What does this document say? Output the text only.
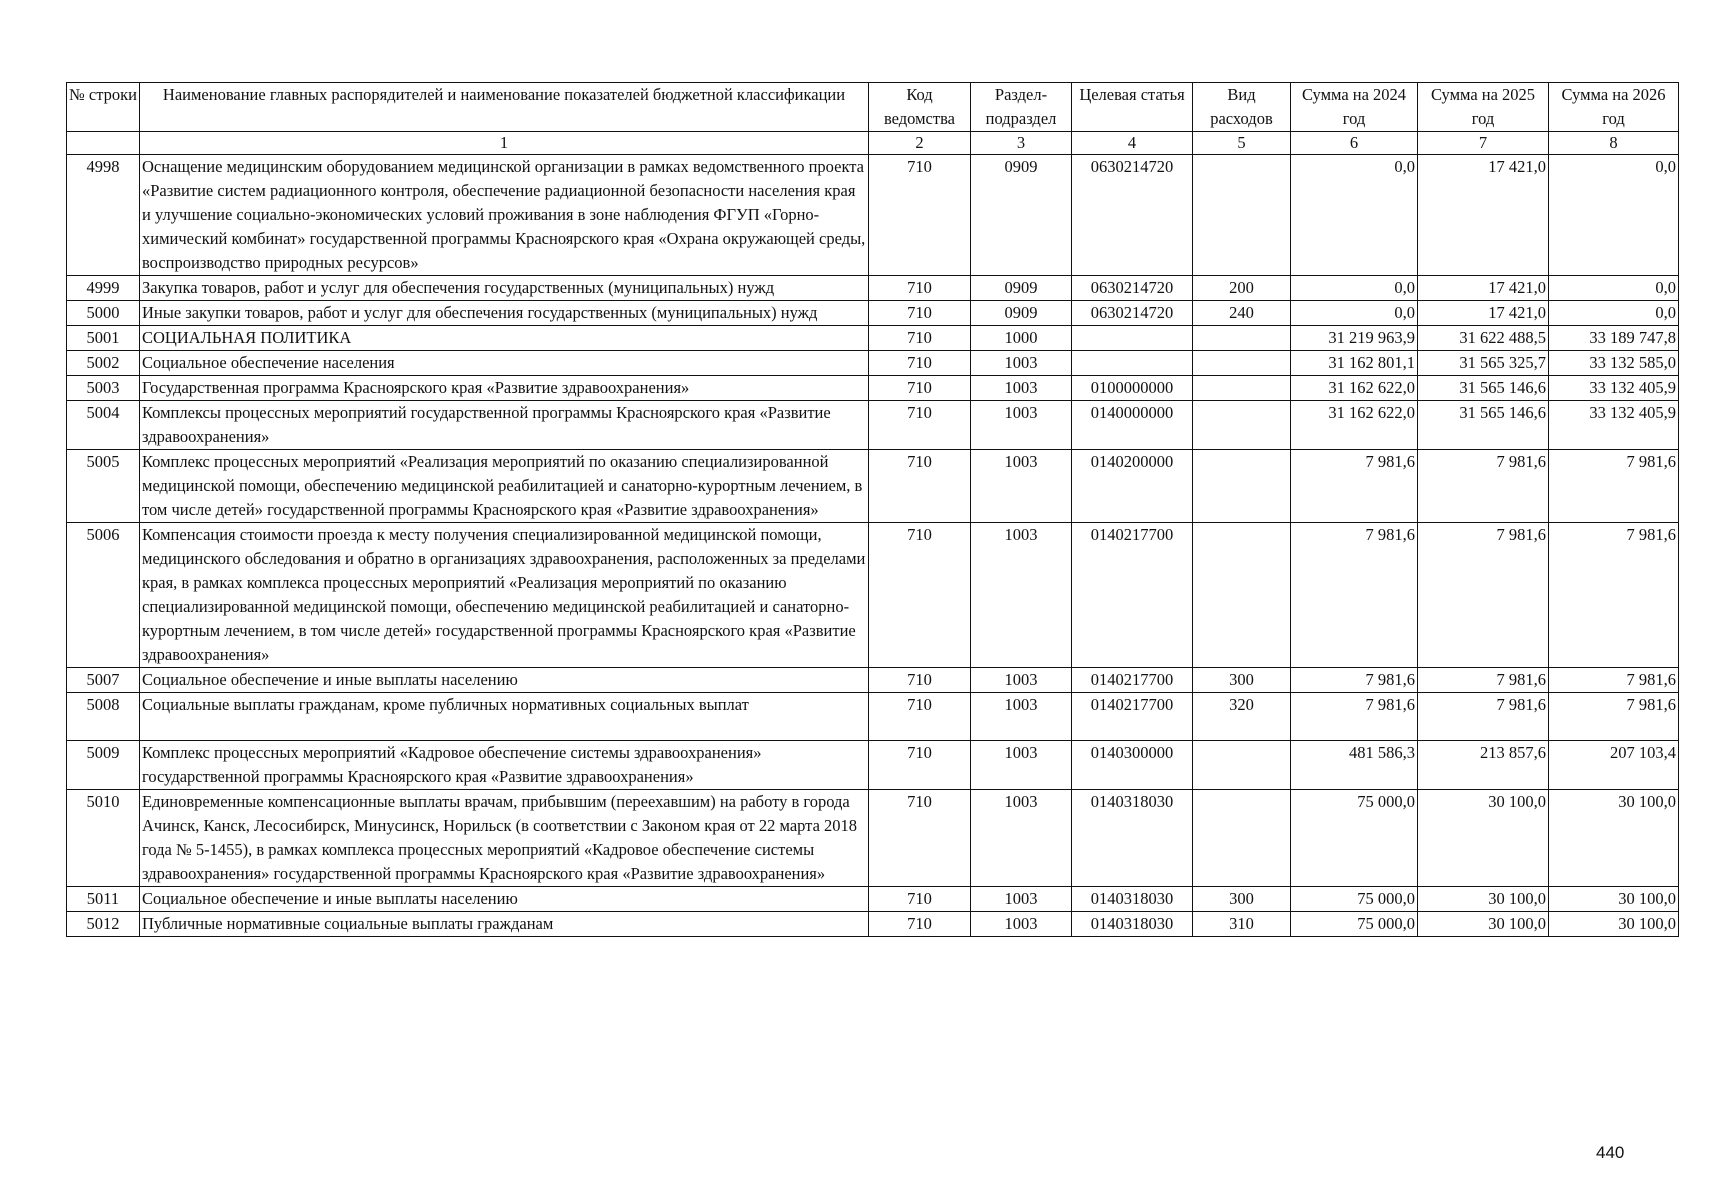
№ строки	Наименование главных распорядителей и наименование показателей бюджетной классификации	Код ведомства	Раздел-подраздел	Целевая статья	Вид расходов	Сумма на 2024 год	Сумма на 2025 год	Сумма на 2026 год
	1	2	3	4	5	6	7	8
4998	Оснащение медицинским оборудованием медицинской организации в рамках ведомственного проекта «Развитие систем радиационного контроля, обеспечение радиационной безопасности населения края и улучшение социально-экономических условий проживания в зоне наблюдения ФГУП «Горно-химический комбинат» государственной программы Красноярского края «Охрана окружающей среды, воспроизводство природных ресурсов»	710	0909	0630214720		0,0	17 421,0	0,0
4999	Закупка товаров, работ и услуг для обеспечения государственных (муниципальных) нужд	710	0909	0630214720	200	0,0	17 421,0	0,0
5000	Иные закупки товаров, работ и услуг для обеспечения государственных (муниципальных) нужд	710	0909	0630214720	240	0,0	17 421,0	0,0
5001	СОЦИАЛЬНАЯ ПОЛИТИКА	710	1000			31 219 963,9	31 622 488,5	33 189 747,8
5002	Социальное обеспечение населения	710	1003			31 162 801,1	31 565 325,7	33 132 585,0
5003	Государственная программа Красноярского края «Развитие здравоохранения»	710	1003	0100000000		31 162 622,0	31 565 146,6	33 132 405,9
5004	Комплексы процессных мероприятий государственной программы Красноярского края «Развитие здравоохранения»	710	1003	0140000000		31 162 622,0	31 565 146,6	33 132 405,9
5005	Комплекс процессных мероприятий «Реализация мероприятий по оказанию специализированной медицинской помощи, обеспечению медицинской реабилитацией и санаторно-курортным лечением, в том числе детей» государственной программы Красноярского края «Развитие здравоохранения»	710	1003	0140200000		7 981,6	7 981,6	7 981,6
5006	Компенсация стоимости проезда к месту получения специализированной медицинской помощи, медицинского обследования и обратно в организациях здравоохранения, расположенных за пределами края, в рамках комплекса процессных мероприятий «Реализация мероприятий по оказанию специализированной медицинской помощи, обеспечению медицинской реабилитацией и санаторно-курортным лечением, в том числе детей» государственной программы Красноярского края «Развитие здравоохранения»	710	1003	0140217700		7 981,6	7 981,6	7 981,6
5007	Социальное обеспечение и иные выплаты населению	710	1003	0140217700	300	7 981,6	7 981,6	7 981,6
5008	Социальные выплаты гражданам, кроме публичных нормативных социальных выплат	710	1003	0140217700	320	7 981,6	7 981,6	7 981,6
5009	Комплекс процессных мероприятий «Кадровое обеспечение системы здравоохранения» государственной программы Красноярского края «Развитие здравоохранения»	710	1003	0140300000		481 586,3	213 857,6	207 103,4
5010	Единовременные компенсационные выплаты врачам, прибывшим (переехавшим) на работу в города Ачинск, Канск, Лесосибирск, Минусинск, Норильск (в соответствии с Законом края от 22 марта 2018 года № 5-1455), в рамках комплекса процессных мероприятий «Кадровое обеспечение системы здравоохранения» государственной программы Красноярского края «Развитие здравоохранения»	710	1003	0140318030		75 000,0	30 100,0	30 100,0
5011	Социальное обеспечение и иные выплаты населению	710	1003	0140318030	300	75 000,0	30 100,0	30 100,0
5012	Публичные нормативные социальные выплаты гражданам	710	1003	0140318030	310	75 000,0	30 100,0	30 100,0
440
